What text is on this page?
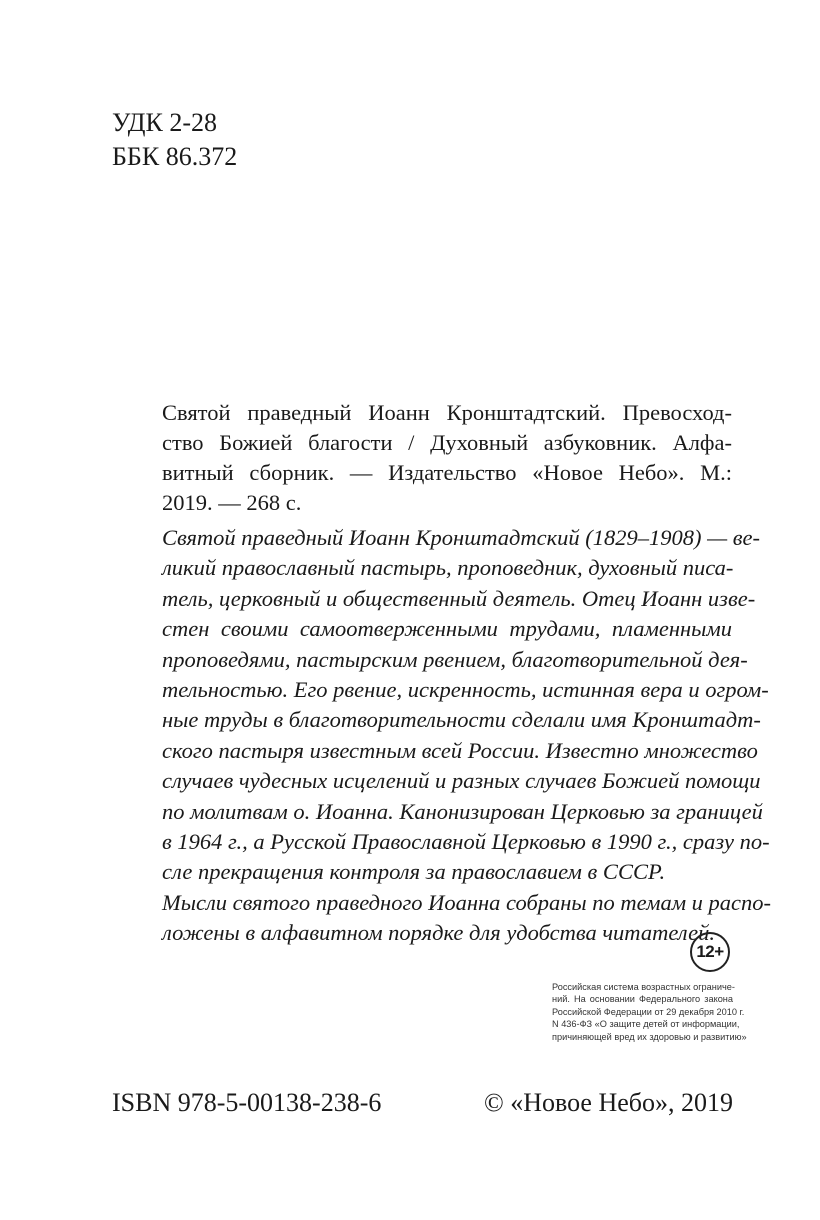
УДК 2-28
ББК 86.372
Святой праведный Иоанн Кронштадтский. Превосход-
ство Божией благости / Духовный азбуковник. Алфа-
витный сборник. — Издательство «Новое Небо». М.:
2019. — 268 с.
Святой праведный Иоанн Кронштадтский (1829–1908) — ве-
ликий православный пастырь, проповедник, духовный писа-
тель, церковный и общественный деятель. Отец Иоанн изве-
стен своими самоотверженными трудами, пламенными
проповедями, пастырским рвением, благотворительной дея-
тельностью. Его рвение, искренность, истинная вера и огром-
ные труды в благотворительности сделали имя Кронштадт-
ского пастыря известным всей России. Известно множество
случаев чудесных исцелений и разных случаев Божией помощи
по молитвам о. Иоанна. Канонизирован Церковью за границей
в 1964 г., а Русской Православной Церковью в 1990 г., сразу по-
сле прекращения контроля за православием в СССР.
Мысли святого праведного Иоанна собраны по темам и распо-
ложены в алфавитном порядке для удобства читателей.
12+
Российская система возрастных ограниче-
ний. На основании Федерального закона
Российской Федерации от 29 декабря 2010 г.
N 436-ФЗ «О защите детей от информации,
причиняющей вред их здоровью и развитию»
ISBN 978-5-00138-238-6	© «Новое Небо», 2019
